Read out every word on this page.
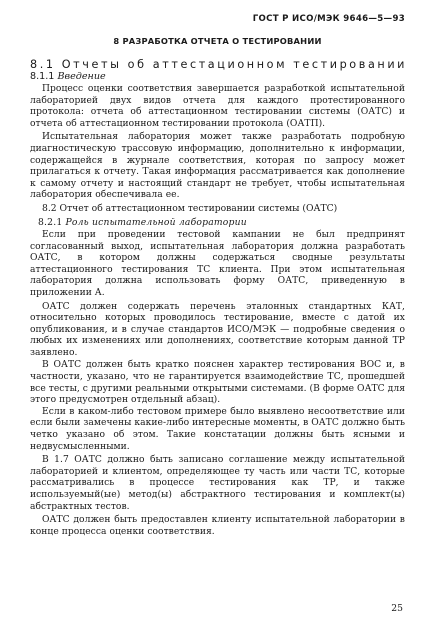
ГОСТ Р ИСО/МЭК 9646—5—93
8 РАЗРАБОТКА ОТЧЕТА О ТЕСТИРОВАНИИ
8.1 Отчеты об аттестационном тестировании
8.1.1 Введение

Процесс оценки соответствия завершается разработкой испытательной лабораторией двух видов отчета для каждого протестированного протокола: отчета об аттестационном тестировании системы (ОАТС) и отчета об аттестационном тестировании протокола (ОАТП).

Испытательная лаборатория может также разработать подробную диагностическую трассовую информацию, дополнительно к информации, содержащейся в журнале соответствия, которая по запросу может прилагаться к отчету. Такая информация рассматривается как дополнение к самому отчету и настоящий стандарт не требует, чтобы испытательная лаборатория обеспечивала ее.

8.2 Отчет об аттестационном тестировании системы (ОАТС)
8.2.1 Роль испытательной лаборатории

Если при проведении тестовой кампании не был предпринят согласованный выход, испытательная лаборатория должна разработать ОАТС, в котором должны содержаться сводные результаты аттестационного тестирования ТС клиента. При этом испытательная лаборатория должна использовать форму ОАТС, приведенную в приложении А.

ОАТС должен содержать перечень эталонных стандартных КАТ, относительно которых проводилось тестирование, вместе с датой их опубликования, и в случае стандартов ИСО/МЭК — подробные сведения о любых их изменениях или дополнениях, соответствие которым данной ТР заявлено.

В ОАТС должен быть кратко пояснен характер тестирования ВОС и, в частности, указано, что не гарантируется взаимодействие ТС, прошедшей все тесты, с другими реальными открытыми системами. (В форме ОАТС для этого предусмотрен отдельный абзац).

Если в каком-либо тестовом примере было выявлено несоответствие или если были замечены какие-либо интересные моменты, в ОАТС должно быть четко указано об этом. Такие констатации должны быть ясными и недвусмысленными.

В 1.7 ОАТС должно быть записано соглашение между испытательной лабораторией и клиентом, определяющее ту часть или части ТС, которые рассматривались в процессе тестирования как ТР, и также используемый(ые) метод(ы) абстрактного тестирования и комплект(ы) абстрактных тестов.

ОАТС должен быть предоставлен клиенту испытательной лаборатории в конце процесса оценки соответствия.

25
